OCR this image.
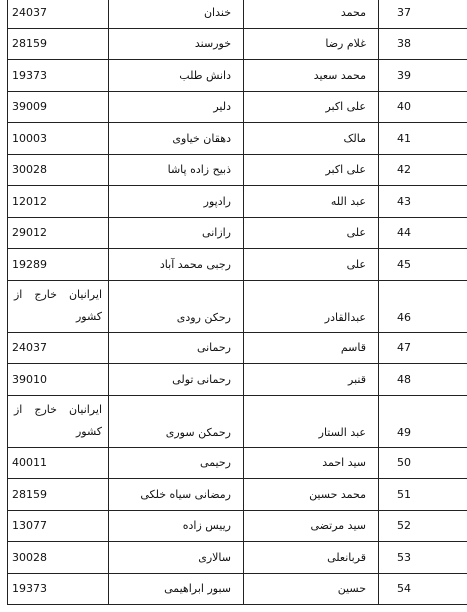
24037	خندان	محمد	37
28159	خورسند	غلام رضا	38
19373	دانش طلب	محمد سعید	39
39009	دلیر	علی اکبر	40
10003	دهقان خیاوی	مالک	41
30028	ذبیح زاده پاشا	علی اکبر	42
12012	رادپور	عبد الله	43
29012	رازانی	علی	44
19289	رجبی محمد آباد	علی	45
ایرانیان خارج از کشور	رحکن رودی	عبدالقادر	46
24037	رحمانی	قاسم	47
39010	رحمانی تولی	قنبر	48
ایرانیان خارج از کشور	رحمکن سوری	عبد الستار	49
40011	رحیمی	سید احمد	50
28159	رمضانی سیاه خلکی	محمد حسین	51
13077	رییس زاده	سید مرتضی	52
30028	سالاری	قربانعلی	53
19373	سبور ابراهیمی	حسین	54
